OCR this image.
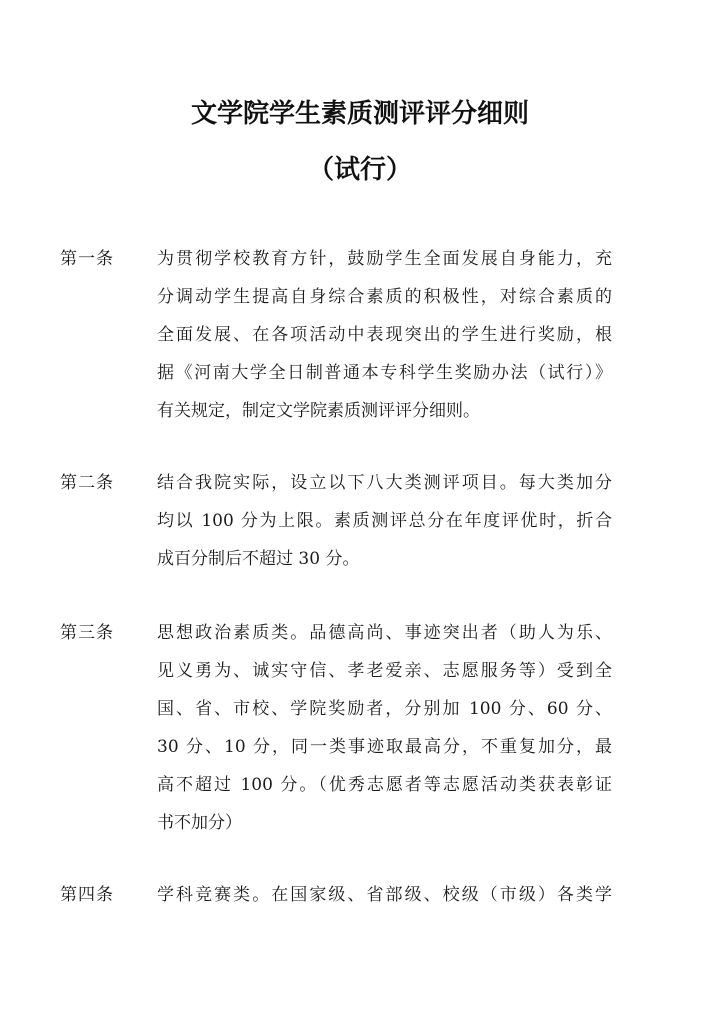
文学院学生素质测评评分细则
（试行）
第一条	为贯彻学校教育方针，鼓励学生全面发展自身能力，充
分调动学生提高自身综合素质的积极性，对综合素质的
全面发展、在各项活动中表现突出的学生进行奖励，根
据《河南大学全日制普通本专科学生奖励办法（试行）》
有关规定，制定文学院素质测评评分细则。
第二条	结合我院实际，设立以下八大类测评项目。每大类加分
均以 100 分为上限。素质测评总分在年度评优时，折合
成百分制后不超过 30 分。
第三条	思想政治素质类。品德高尚、事迹突出者（助人为乐、
见义勇为、诚实守信、孝老爱亲、志愿服务等）受到全
国、省、市校、学院奖励者，分别加 100 分、60 分、
30 分、10 分，同一类事迹取最高分，不重复加分，最
高不超过 100 分。（优秀志愿者等志愿活动类获表彰证
书不加分）
第四条	学科竞赛类。在国家级、省部级、校级（市级）各类学
